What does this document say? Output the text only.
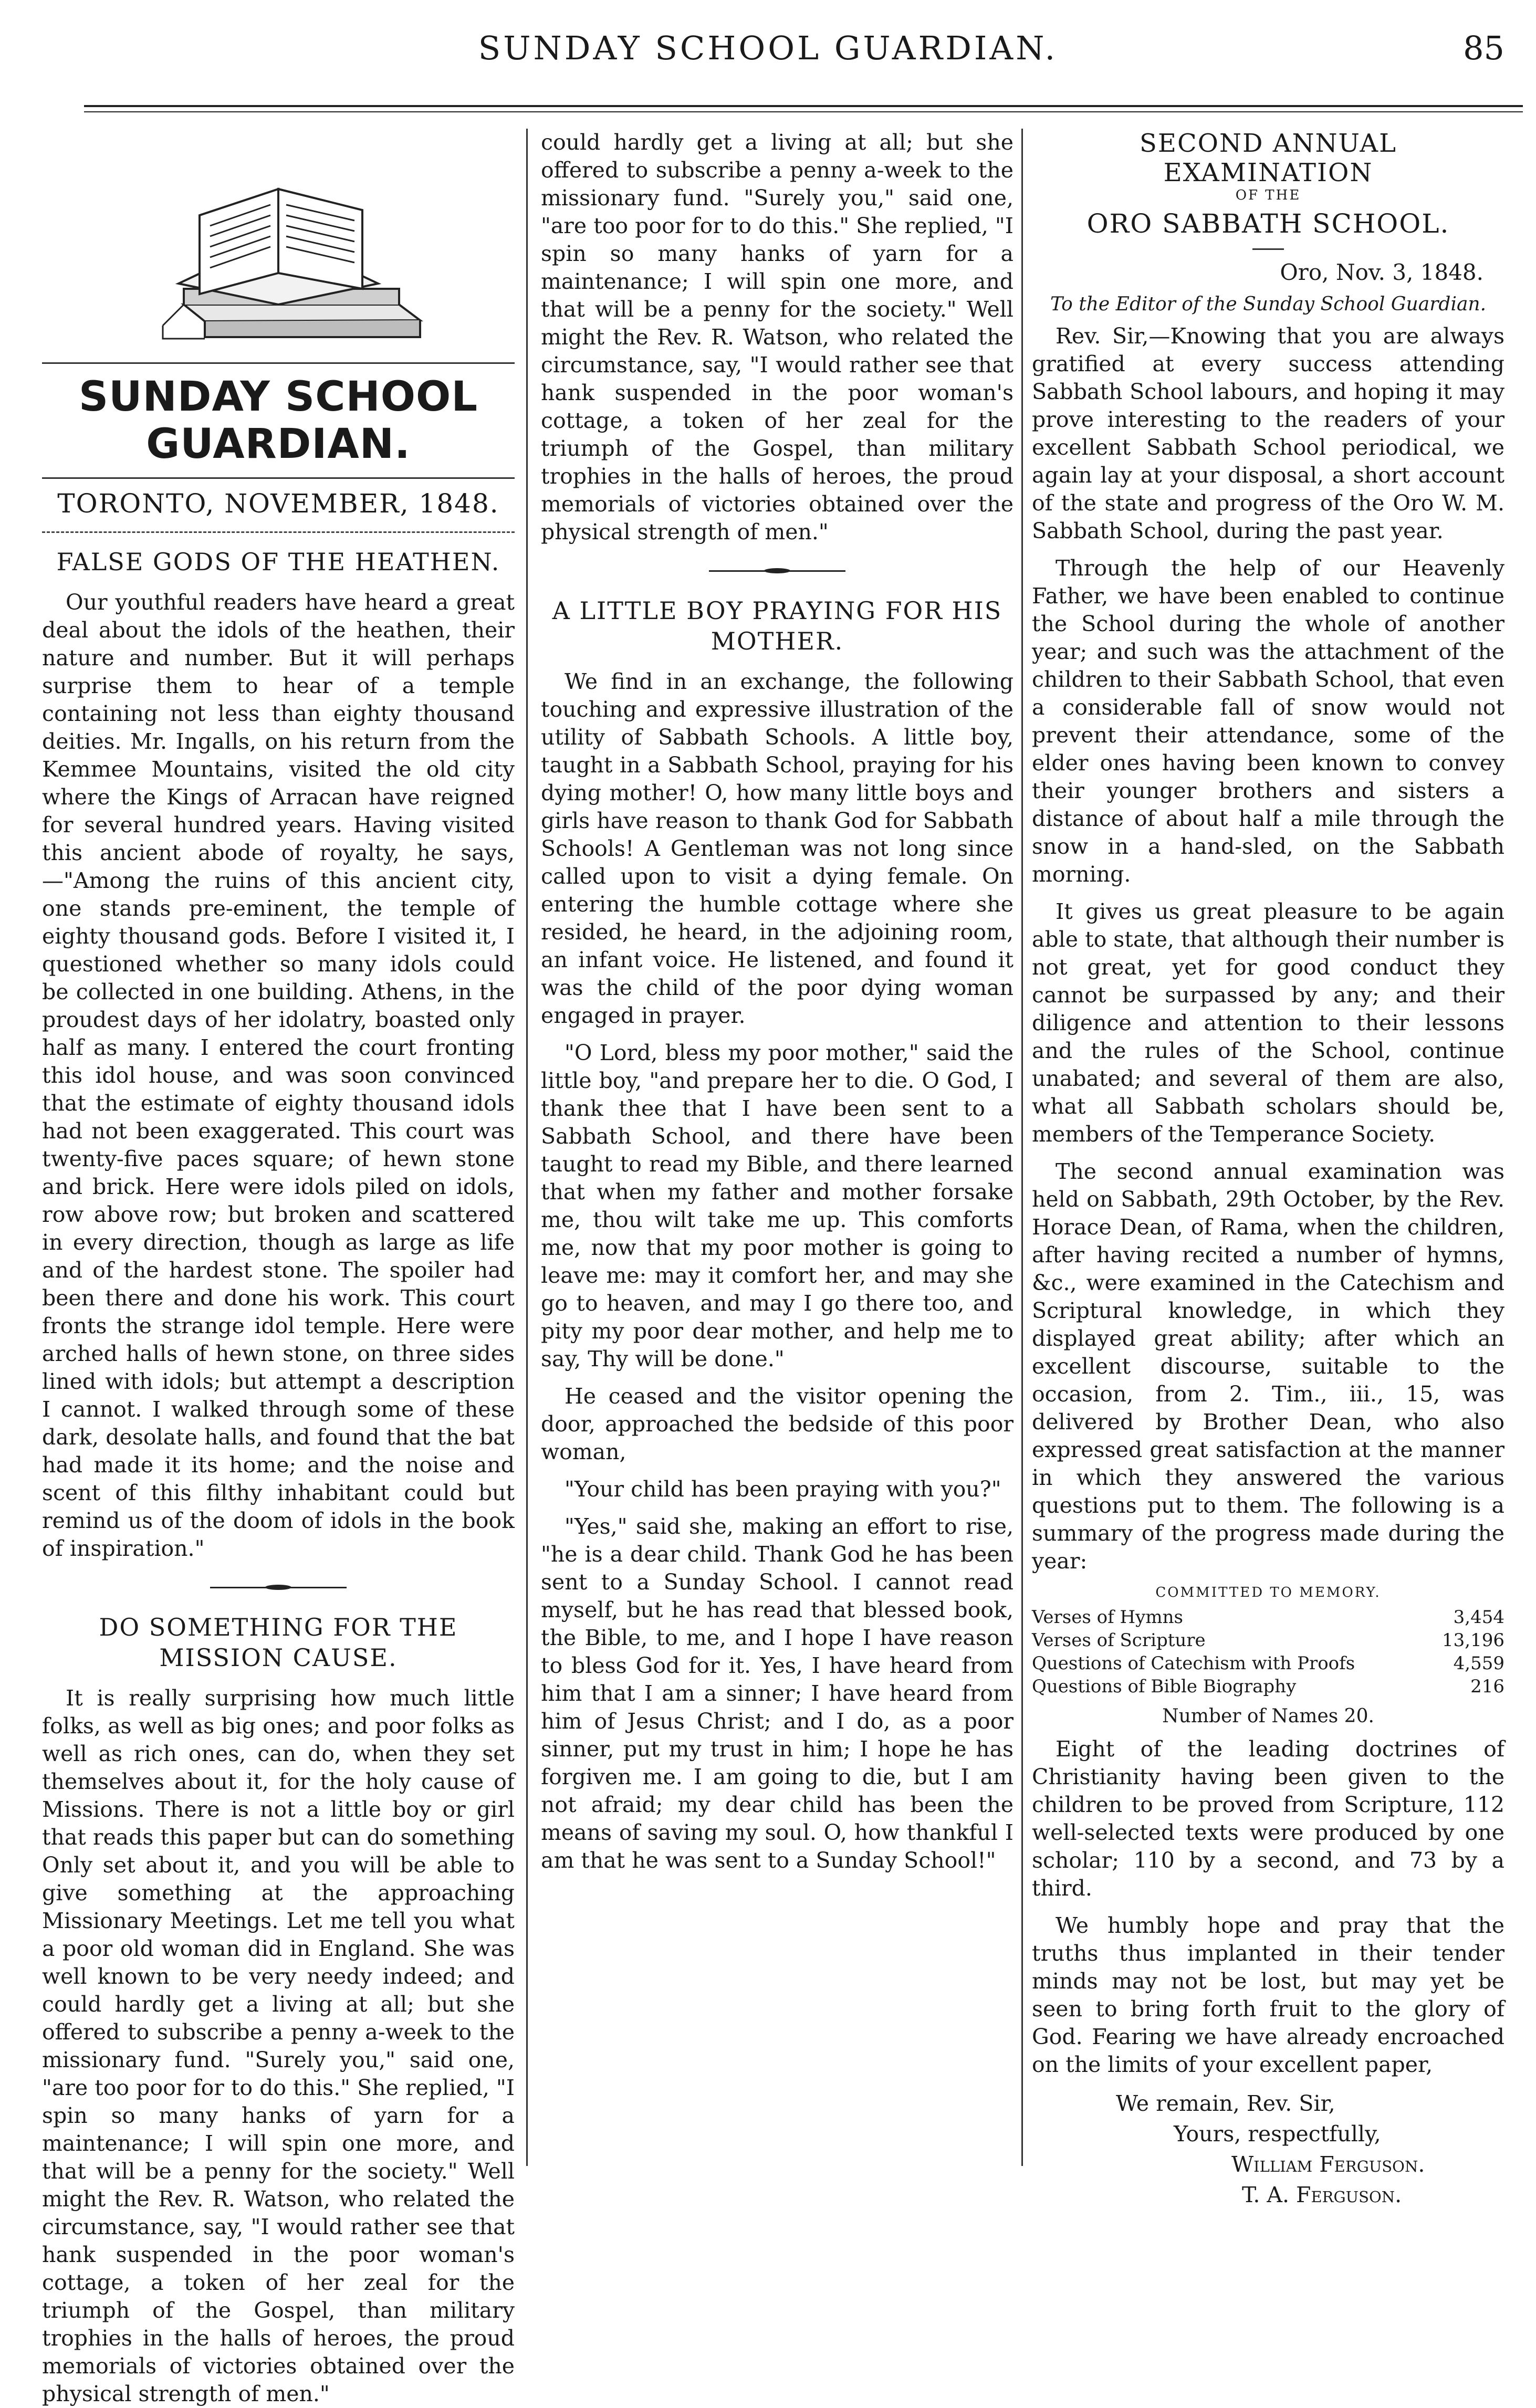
SUNDAY SCHOOL GUARDIAN.	85
SUNDAY SCHOOL GUARDIAN.
TORONTO, NOVEMBER, 1848.
FALSE GODS OF THE HEATHEN.

Our youthful readers have heard a great deal about the idols of the heathen, their nature and number. But it will perhaps surprise them to hear of a temple containing not less than eighty thousand deities. Mr. Ingalls, on his return from the Kemmee Mountains, visited the old city where the Kings of Arracan have reigned for several hundred years. Having visited this ancient abode of royalty, he says,—"Among the ruins of this ancient city, one stands pre-eminent, the temple of eighty thousand gods. Before I visited it, I questioned whether so many idols could be collected in one building. Athens, in the proudest days of her idolatry, boasted only half as many. I entered the court fronting this idol house, and was soon convinced that the estimate of eighty thousand idols had not been exaggerated. This court was twenty-five paces square; of hewn stone and brick. Here were idols piled on idols, row above row; but broken and scattered in every direction, though as large as life and of the hardest stone. The spoiler had been there and done his work. This court fronts the strange idol temple. Here were arched halls of hewn stone, on three sides lined with idols; but attempt a description I cannot. I walked through some of these dark, desolate halls, and found that the bat had made it its home; and the noise and scent of this filthy inhabitant could but remind us of the doom of idols in the book of inspiration."

DO SOMETHING FOR THE MISSION CAUSE.

It is really surprising how much little folks, as well as big ones; and poor folks as well as rich ones, can do, when they set themselves about it, for the holy cause of Missions. There is not a little boy or girl that reads this paper but can do something Only set about it, and you will be able to give something at the approaching Missionary Meetings. Let me tell you what a poor old woman did in England. She was well known to be very needy indeed; and could hardly get a living at all; but she offered to subscribe a penny a-week to the missionary fund. "Surely you," said one, "are too poor for to do this." She replied, "I spin so many hanks of yarn for a maintenance; I will spin one more, and that will be a penny for the society." Well might the Rev. R. Watson, who related the circumstance, say, "I would rather see that hank suspended in the poor woman's cottage, a token of her zeal for the triumph of the Gospel, than military trophies in the halls of heroes, the proud memorials of victories obtained over the physical strength of men."

could hardly get a living at all; but she offered to subscribe a penny a-week to the missionary fund. "Surely you," said one, "are too poor for to do this." She replied, "I spin so many hanks of yarn for a maintenance; I will spin one more, and that will be a penny for the society." Well might the Rev. R. Watson, who related the circumstance, say, "I would rather see that hank suspended in the poor woman's cottage, a token of her zeal for the triumph of the Gospel, than military trophies in the halls of heroes, the proud memorials of victories obtained over the physical strength of men."

A LITTLE BOY PRAYING FOR HIS MOTHER.

We find in an exchange, the following touching and expressive illustration of the utility of Sabbath Schools. A little boy, taught in a Sabbath School, praying for his dying mother! O, how many little boys and girls have reason to thank God for Sabbath Schools! A Gentleman was not long since called upon to visit a dying female. On entering the humble cottage where she resided, he heard, in the adjoining room, an infant voice. He listened, and found it was the child of the poor dying woman engaged in prayer.

"O Lord, bless my poor mother," said the little boy, "and prepare her to die. O God, I thank thee that I have been sent to a Sabbath School, and there have been taught to read my Bible, and there learned that when my father and mother forsake me, thou wilt take me up. This comforts me, now that my poor mother is going to leave me: may it comfort her, and may she go to heaven, and may I go there too, and pity my poor dear mother, and help me to say, Thy will be done."

He ceased and the visitor opening the door, approached the bedside of this poor woman,

"Your child has been praying with you?"

"Yes," said she, making an effort to rise, "he is a dear child. Thank God he has been sent to a Sunday School. I cannot read myself, but he has read that blessed book, the Bible, to me, and I hope I have reason to bless God for it. Yes, I have heard from him that I am a sinner; I have heard from him of Jesus Christ; and I do, as a poor sinner, put my trust in him; I hope he has forgiven me. I am going to die, but I am not afraid; my dear child has been the means of saving my soul. O, how thankful I am that he was sent to a Sunday School!"

SECOND ANNUAL EXAMINATION
OF THE
ORO SABBATH SCHOOL.
Oro, Nov. 3, 1848.
To the Editor of the Sunday School Guardian.

Rev. Sir,—Knowing that you are always gratified at every success attending Sabbath School labours, and hoping it may prove interesting to the readers of your excellent Sabbath School periodical, we again lay at your disposal, a short account of the state and progress of the Oro W. M. Sabbath School, during the past year.

Through the help of our Heavenly Father, we have been enabled to continue the School during the whole of another year; and such was the attachment of the children to their Sabbath School, that even a considerable fall of snow would not prevent their attendance, some of the elder ones having been known to convey their younger brothers and sisters a distance of about half a mile through the snow in a hand-sled, on the Sabbath morning.

It gives us great pleasure to be again able to state, that although their number is not great, yet for good conduct they cannot be surpassed by any; and their diligence and attention to their lessons and the rules of the School, continue unabated; and several of them are also, what all Sabbath scholars should be, members of the Temperance Society.

The second annual examination was held on Sabbath, 29th October, by the Rev. Horace Dean, of Rama, when the children, after having recited a number of hymns, &c., were examined in the Catechism and Scriptural knowledge, in which they displayed great ability; after which an excellent discourse, suitable to the occasion, from 2. Tim., iii., 15, was delivered by Brother Dean, who also expressed great satisfaction at the manner in which they answered the various questions put to them. The following is a summary of the progress made during the year:

COMMITTED TO MEMORY.
Verses of Hymns	3,454
Verses of Scripture	13,196
Questions of Catechism with Proofs	4,559
Questions of Bible Biography	216
Number of Names 20.

Eight of the leading doctrines of Christianity having been given to the children to be proved from Scripture, 112 well-selected texts were produced by one scholar; 110 by a second, and 73 by a third.

We humbly hope and pray that the truths thus implanted in their tender minds may not be lost, but may yet be seen to bring forth fruit to the glory of God. Fearing we have already encroached on the limits of your excellent paper,

We remain, Rev. Sir,
Yours, respectfully,
William Ferguson.
T. A. Ferguson.
